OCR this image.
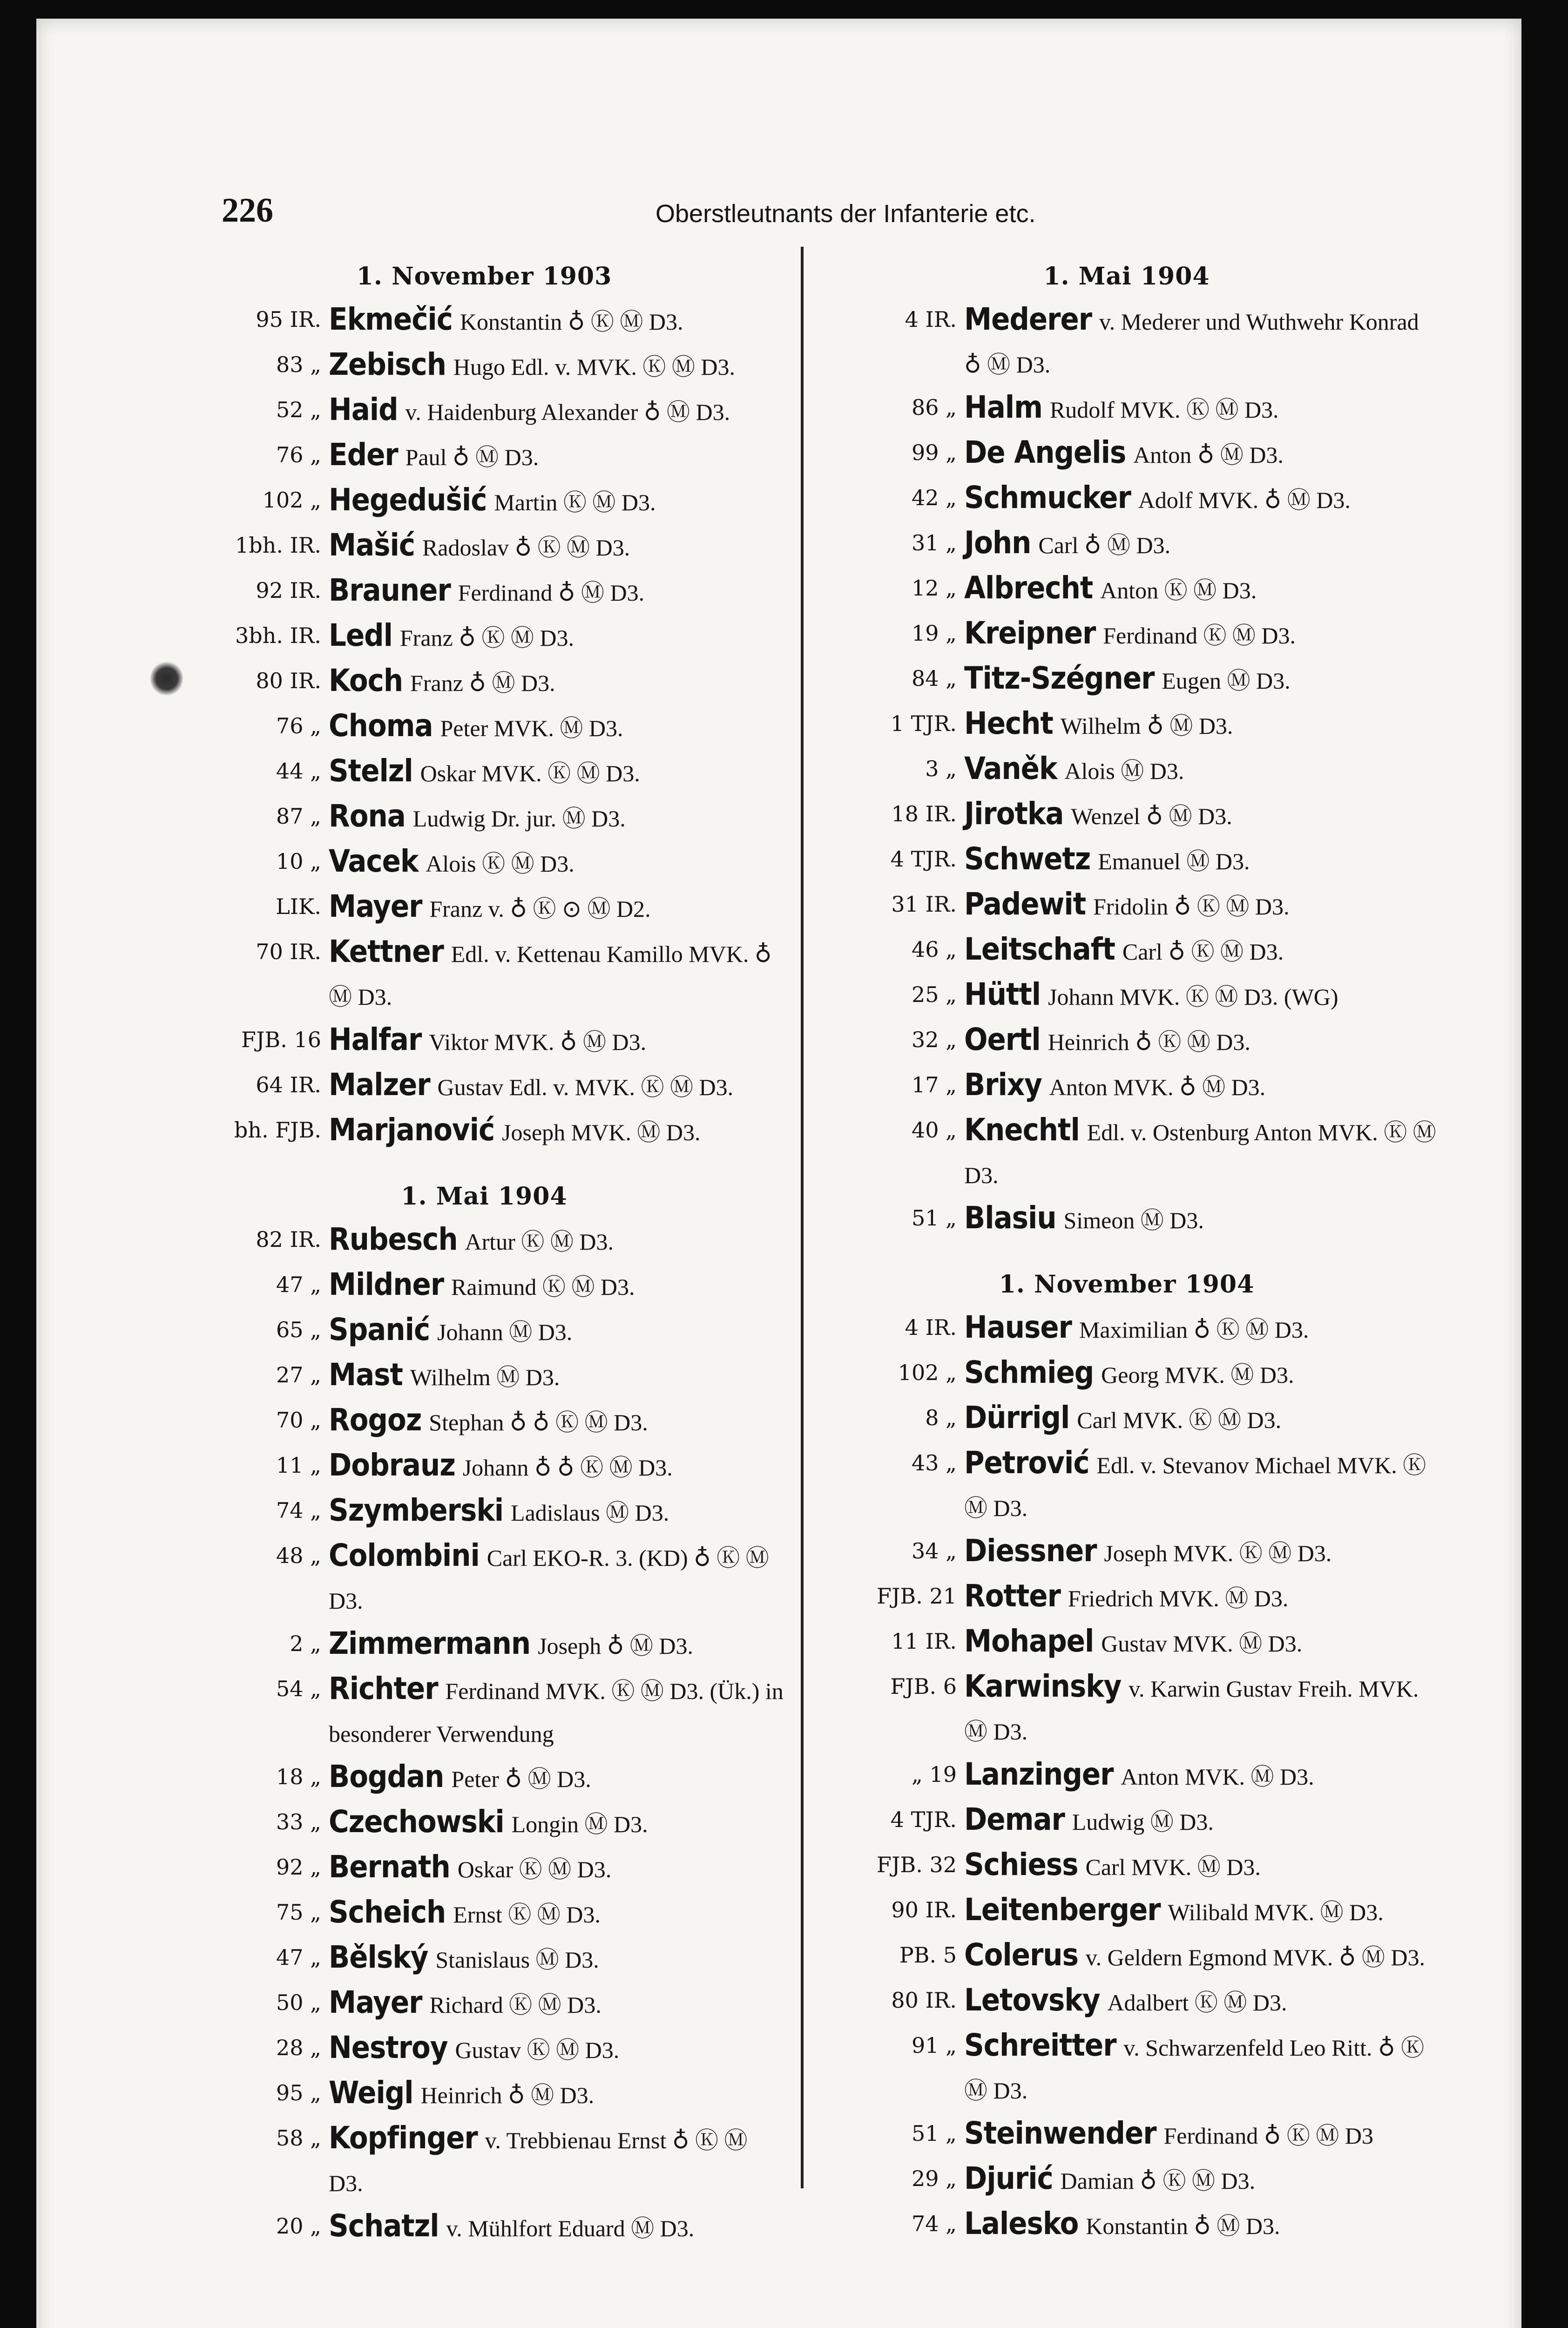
226	Oberstleutnants der Infanterie etc.
1. November 1903
95 IR. Ekmečić Konstantin ♁ Ⓚ Ⓜ D3.
83 „ Zebisch Hugo Edl. v. MVK. Ⓚ Ⓜ D3.
52 „ Haid v. Haidenburg Alexander ♁ Ⓜ D3.
76 „ Eder Paul ♁ Ⓜ D3.
102 „ Hegedušić Martin Ⓚ Ⓜ D3.
1bh. IR. Mašić Radoslav ♁ Ⓚ Ⓜ D3.
92 IR. Brauner Ferdinand ♁ Ⓜ D3.
3bh. IR. Ledl Franz ♁ Ⓚ Ⓜ D3.
80 IR. Koch Franz ♁ Ⓜ D3.
76 „ Choma Peter MVK. Ⓜ D3.
44 „ Stelzl Oskar MVK. Ⓚ Ⓜ D3.
87 „ Rona Ludwig Dr. jur. Ⓜ D3.
10 „ Vacek Alois Ⓚ Ⓜ D3.
LIK. Mayer Franz v. ♁ Ⓚ ⊙ Ⓜ D2.
70 IR. Kettner Edl. v. Kettenau Kamillo MVK. ♁ Ⓜ D3.
FJB. 16 Halfar Viktor MVK. ♁ Ⓜ D3.
64 IR. Malzer Gustav Edl. v. MVK. Ⓚ Ⓜ D3.
bh. FJB. Marjanović Joseph MVK. Ⓜ D3.
1. Mai 1904
82 IR. Rubesch Artur Ⓚ Ⓜ D3.
47 „ Mildner Raimund Ⓚ Ⓜ D3.
65 „ Spanić Johann Ⓜ D3.
27 „ Mast Wilhelm Ⓜ D3.
70 „ Rogoz Stephan ♁ ♁ Ⓚ Ⓜ D3.
11 „ Dobrauz Johann ♁ ♁ Ⓚ Ⓜ D3.
74 „ Szymberski Ladislaus Ⓜ D3.
48 „ Colombini Carl EKO-R. 3. (KD) ♁ Ⓚ Ⓜ D3.
2 „ Zimmermann Joseph ♁ Ⓜ D3.
54 „ Richter Ferdinand MVK. Ⓚ Ⓜ D3. (Ük.) in besonderer Verwendung
18 „ Bogdan Peter ♁ Ⓜ D3.
33 „ Czechowski Longin Ⓜ D3.
92 „ Bernath Oskar Ⓚ Ⓜ D3.
75 „ Scheich Ernst Ⓚ Ⓜ D3.
47 „ Bělský Stanislaus Ⓜ D3.
50 „ Mayer Richard Ⓚ Ⓜ D3.
28 „ Nestroy Gustav Ⓚ Ⓜ D3.
95 „ Weigl Heinrich ♁ Ⓜ D3.
58 „ Kopfinger v. Trebbienau Ernst ♁ Ⓚ Ⓜ D3.
20 „ Schatzl v. Mühlfort Eduard Ⓜ D3.
1. Mai 1904
4 IR. Mederer v. Mederer und Wuthwehr Konrad ♁ Ⓜ D3.
86 „ Halm Rudolf MVK. Ⓚ Ⓜ D3.
99 „ De Angelis Anton ♁ Ⓜ D3.
42 „ Schmucker Adolf MVK. ♁ Ⓜ D3.
31 „ John Carl ♁ Ⓜ D3.
12 „ Albrecht Anton Ⓚ Ⓜ D3.
19 „ Kreipner Ferdinand Ⓚ Ⓜ D3.
84 „ Titz-Szégner Eugen Ⓜ D3.
1 TJR. Hecht Wilhelm ♁ Ⓜ D3.
3 „ Vaněk Alois Ⓜ D3.
18 IR. Jirotka Wenzel ♁ Ⓜ D3.
4 TJR. Schwetz Emanuel Ⓜ D3.
31 IR. Padewit Fridolin ♁ Ⓚ Ⓜ D3.
46 „ Leitschaft Carl ♁ Ⓚ Ⓜ D3.
25 „ Hüttl Johann MVK. Ⓚ Ⓜ D3. (WG)
32 „ Oertl Heinrich ♁ Ⓚ Ⓜ D3.
17 „ Brixy Anton MVK. ♁ Ⓜ D3.
40 „ Knechtl Edl. v. Ostenburg Anton MVK. Ⓚ Ⓜ D3.
51 „ Blasiu Simeon Ⓜ D3.
1. November 1904
4 IR. Hauser Maximilian ♁ Ⓚ Ⓜ D3.
102 „ Schmieg Georg MVK. Ⓜ D3.
8 „ Dürrigl Carl MVK. Ⓚ Ⓜ D3.
43 „ Petrović Edl. v. Stevanov Michael MVK. Ⓚ Ⓜ D3.
34 „ Diessner Joseph MVK. Ⓚ Ⓜ D3.
FJB. 21 Rotter Friedrich MVK. Ⓜ D3.
11 IR. Mohapel Gustav MVK. Ⓜ D3.
FJB. 6 Karwinsky v. Karwin Gustav Freih. MVK. Ⓜ D3.
„ 19 Lanzinger Anton MVK. Ⓜ D3.
4 TJR. Demar Ludwig Ⓜ D3.
FJB. 32 Schiess Carl MVK. Ⓜ D3.
90 IR. Leitenberger Wilibald MVK. Ⓜ D3.
PB. 5 Colerus v. Geldern Egmond MVK. ♁ Ⓜ D3.
80 IR. Letovsky Adalbert Ⓚ Ⓜ D3.
91 „ Schreitter v. Schwarzenfeld Leo Ritt. ♁ Ⓚ Ⓜ D3.
51 „ Steinwender Ferdinand ♁ Ⓚ Ⓜ D3
29 „ Djurić Damian ♁ Ⓚ Ⓜ D3.
74 „ Lalesko Konstantin ♁ Ⓜ D3.
